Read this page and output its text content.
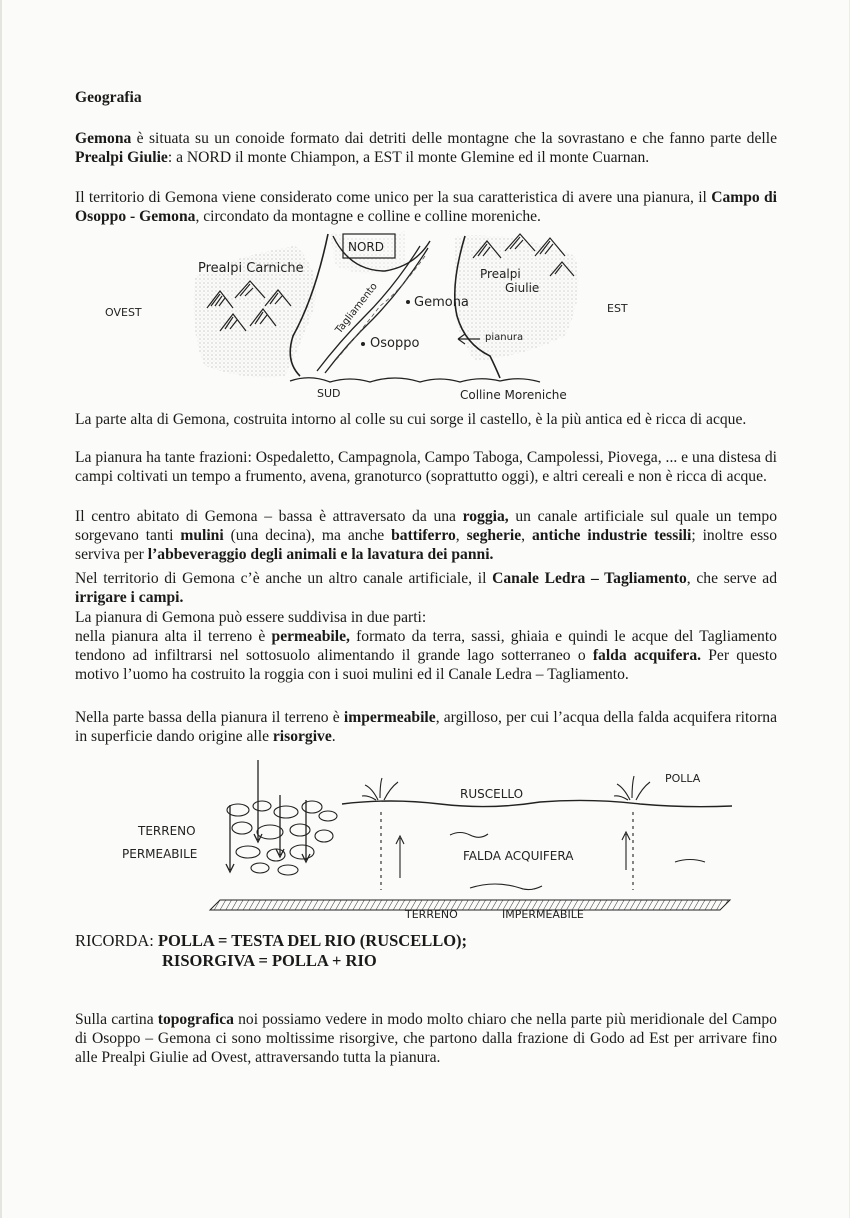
Geografia
Gemona è situata su un conoide formato dai detriti delle montagne che la sovrastano e che fanno parte delle Prealpi Giulie: a NORD il monte Chiampon, a EST il monte Glemine ed il monte Cuarnan.
Il territorio di Gemona viene considerato come unico per la sua caratteristica di avere una pianura, il Campo di Osoppo - Gemona, circondato da montagne e colline e colline moreniche.
NORD
Tagliamento	Gemona
Osoppo	pianura
Prealpi Carniche	Prealpi
Giulie
SUD	Colline Moreniche
OVEST	EST
La parte alta di Gemona, costruita intorno al colle su cui sorge il castello, è la più antica ed è ricca di acque.
La pianura ha tante frazioni: Ospedaletto, Campagnola, Campo Taboga, Campolessi, Piovega, ... e una distesa di campi coltivati un tempo a frumento, avena, granoturco (soprattutto oggi), e altri cereali e non è ricca di acque.
Il centro abitato di Gemona – bassa è attraversato da una roggia, un canale artificiale sul quale un tempo sorgevano tanti mulini (una decina), ma anche battiferro, segherie, antiche industrie tessili; inoltre esso serviva per l’abbeveraggio degli animali e la lavatura dei panni.
Nel territorio di Gemona c’è anche un altro canale artificiale, il Canale Ledra – Tagliamento, che serve ad irrigare i campi.
La pianura di Gemona può essere suddivisa in due parti:
nella pianura alta il terreno è permeabile, formato da terra, sassi, ghiaia e quindi le acque del Tagliamento tendono ad infiltrarsi nel sottosuolo alimentando il grande lago sotterraneo o falda acquifera. Per questo motivo l’uomo ha costruito la roggia con i suoi mulini ed il Canale Ledra – Tagliamento.
Nella parte bassa della pianura il terreno è impermeabile, argilloso, per cui l’acqua della falda acquifera ritorna in superficie dando origine alle risorgive.
TERRENO
PERMEABILE
POLLA
RUSCELLO
FALDA ACQUIFERA
TERRENO	IMPERMEABILE
RICORDA: POLLA = TESTA DEL RIO (RUSCELLO);
RISORGIVA = POLLA + RIO
Sulla cartina topografica noi possiamo vedere in modo molto chiaro che nella parte più meridionale del Campo di Osoppo – Gemona ci sono moltissime risorgive, che partono dalla frazione di Godo ad Est per arrivare fino alle Prealpi Giulie ad Ovest, attraversando tutta la pianura.
